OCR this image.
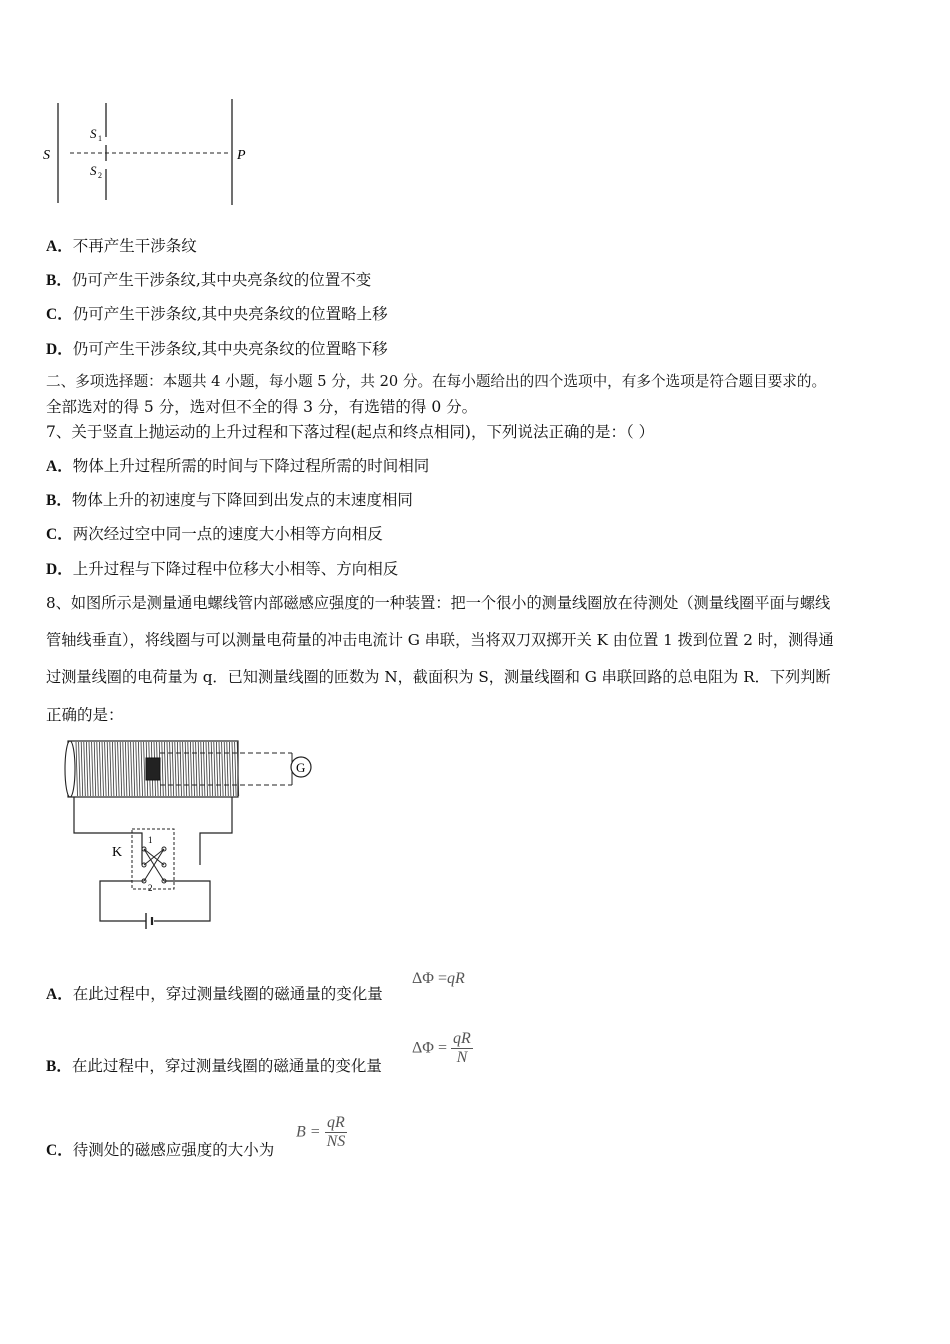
S
S 1
S 2
P
A．不再产生干涉条纹
B．仍可产生干涉条纹,其中央亮条纹的位置不变
C．仍可产生干涉条纹,其中央亮条纹的位置略上移
D．仍可产生干涉条纹,其中央亮条纹的位置略下移
二、多项选择题：本题共 4 小题，每小题 5 分，共 20 分。在每小题给出的四个选项中，有多个选项是符合题目要求的。
全部选对的得 5 分，选对但不全的得 3 分，有选错的得 0 分。
7、关于竖直上抛运动的上升过程和下落过程(起点和终点相同)，下列说法正确的是：（ ）
A．物体上升过程所需的时间与下降过程所需的时间相同
B．物体上升的初速度与下降回到出发点的末速度相同
C．两次经过空中同一点的速度大小相等方向相反
D．上升过程与下降过程中位移大小相等、方向相反
8、如图所示是测量通电螺线管内部磁感应强度的一种装置：把一个很小的测量线圈放在待测处（测量线圈平面与螺线
管轴线垂直），将线圈与可以测量电荷量的冲击电流计 G 串联，当将双刀双掷开关 K 由位置 1 拨到位置 2 时，测得通
过测量线圈的电荷量为 q．已知测量线圈的匝数为 N，截面积为 S，测量线圈和 G 串联回路的总电阻为 R．下列判断
正确的是：
G
K
1
2
A．在此过程中，穿过测量线圈的磁通量的变化量
ΔΦ =qR
B．在此过程中，穿过测量线圈的磁通量的变化量
$\Delta\Phi = \frac{qR}{N}$
C．待测处的磁感应强度的大小为
$B = \frac{qR}{NS}$
